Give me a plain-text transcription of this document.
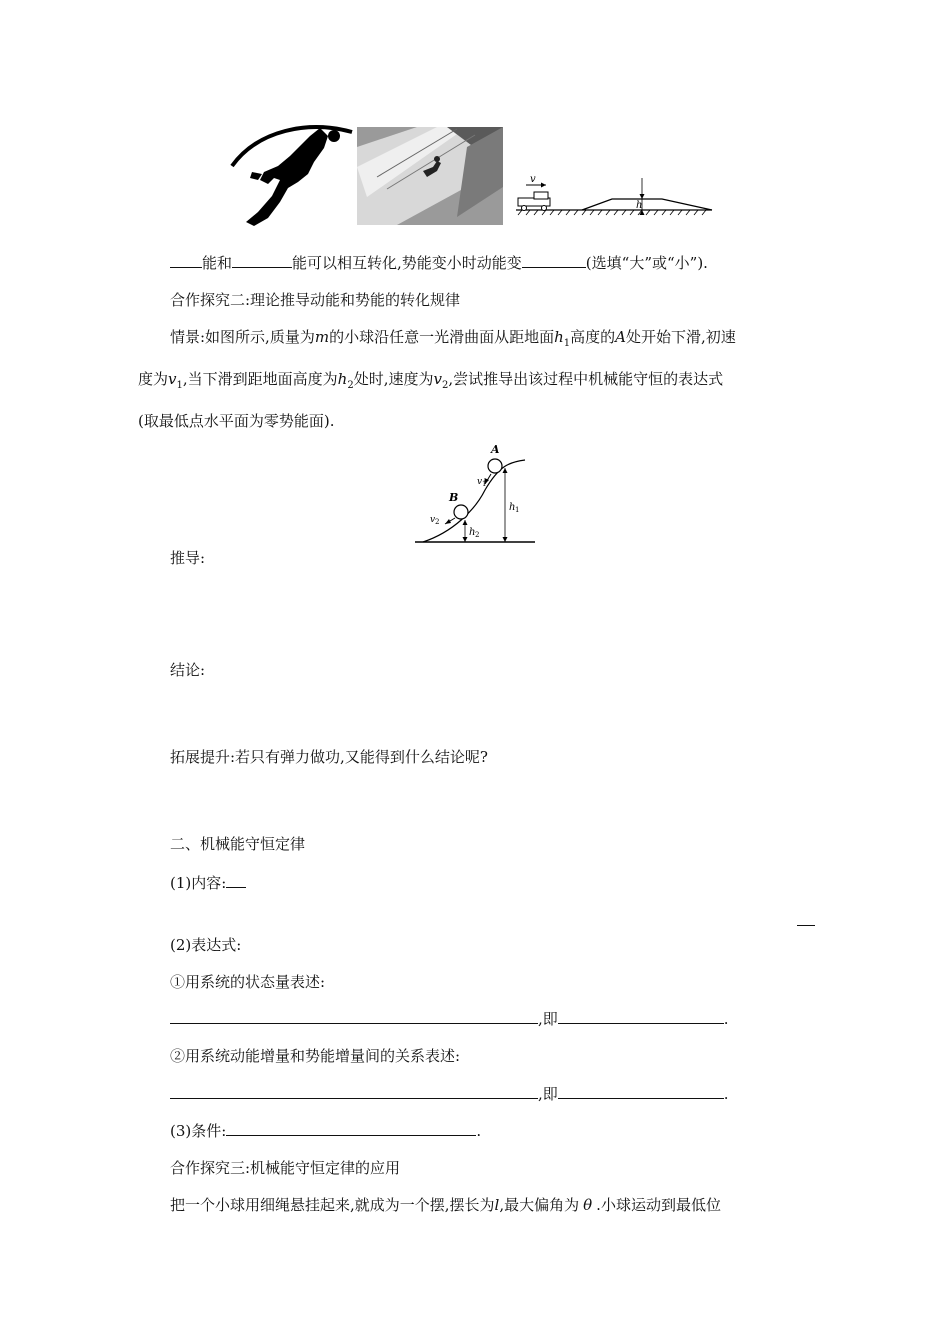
v
h
能和	能可以相互转化,势能变小时动能变	(选填“大”或“小”).
合作探究二:理论推导动能和势能的转化规律
情景:如图所示,质量为m的小球沿任意一光滑曲面从距地面$h_1$高度的A处开始下滑,初速
度为$v_1$,当下滑到距地面高度为$h_2$处时,速度为$v_2$,尝试推导出该过程中机械能守恒的表达式
(取最低点水平面为零势能面).
A
B
v 1
v 2
h 1
h 2
推导:
结论:
拓展提升:若只有弹力做功,又能得到什么结论呢?
二、机械能守恒定律
(1)内容:
(2)表达式:
①用系统的状态量表述:
,即	.
②用系统动能增量和势能增量间的关系表述:
,即	.
(3)条件:	.
合作探究三:机械能守恒定律的应用
把一个小球用细绳悬挂起来,就成为一个摆,摆长为l,最大偏角为 θ .小球运动到最低位
